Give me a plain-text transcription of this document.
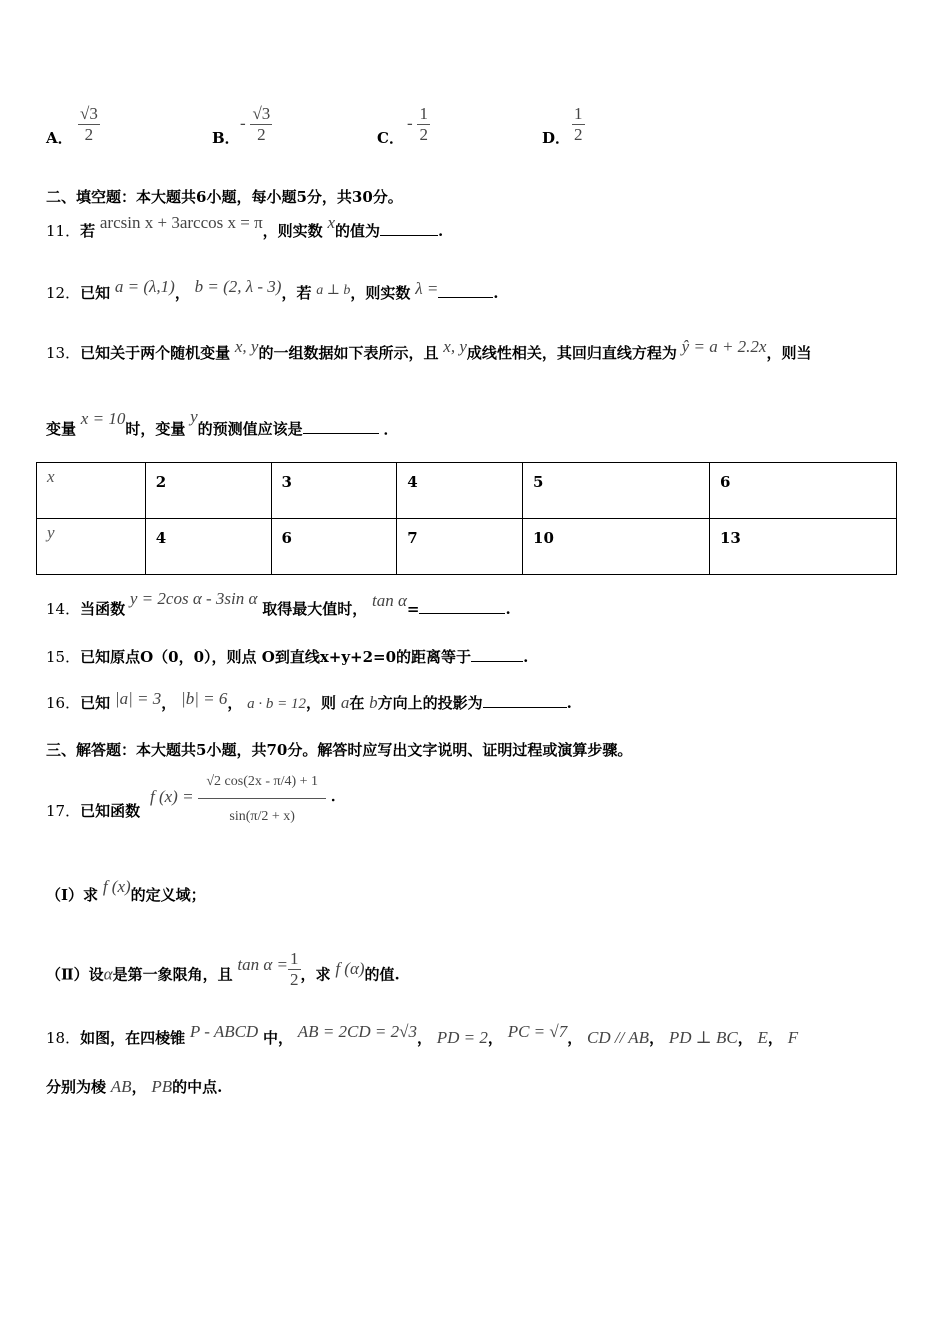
A． $\frac{√3}{2}$	B．
- $\frac{√3}{2}$	C．
- $\frac{1}{2}$	D． $\frac{1}{2}$
二、填空题：本大题共6小题，每小题5分，共30分。
11．若 arcsin x + 3arccos x = π，则实数 x的值为	.
12．已知 a = (λ,1)， b = (2, λ - 3)，若 a ⊥ b，则实数 λ =	.
13．已知关于两个随机变量 x, y的一组数据如下表所示，且 x, y成线性相关，其回归直线方程为 ŷ = a + 2.2x，则当
变量 x = 10时，变量 y的预测值应该是	．
x	2	3	4	5	6
y	4	6	7	10	13
14．当函数 y = 2cos α - 3sin α 取得最大值时， tan α=	.
15．已知原点O（0，0），则点 O到直线x+y+2=0的距离等于	.
16．已知 |a| = 3， |b| = 6， a · b = 12，则 a在 b方向上的投影为	.
三、解答题：本大题共5小题，共70分。解答时应写出文字说明、证明过程或演算步骤。
17．已知函数
f $(x) = \frac{√2 \cos(2x - \pi/4) + 1}{\sin(\pi/2 + x)}$ ．
（Ⅰ）求 f (x)的定义域；
（Ⅱ）设α是第一象限角，且 $\tan \alpha = \frac{1}{2}$ ，求 f (α)的值.
18．如图，在四棱锥 P - ABCD 中， AB = 2CD = 2√3， PD = 2， PC = √7， CD // AB， PD ⊥ BC， E， F
分别为棱 AB， PB的中点.
